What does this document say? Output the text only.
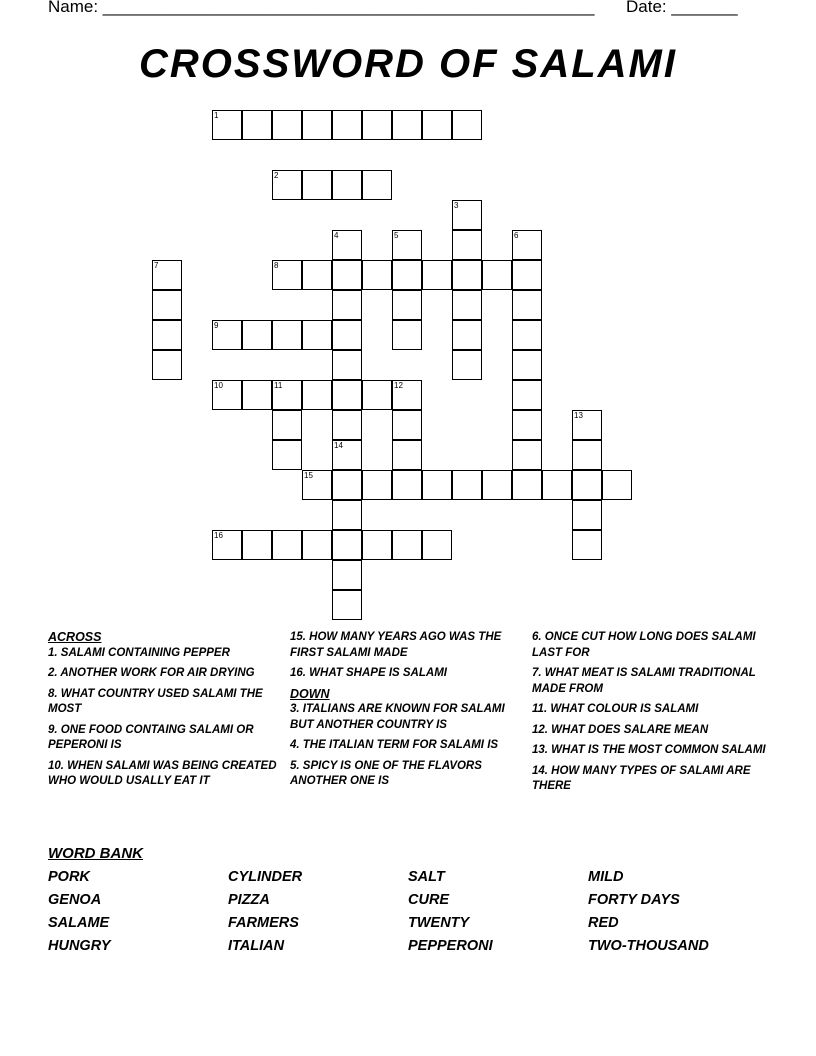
Name: ____________________________________________________ Date: _______
CROSSWORD OF SALAMI
1
2
3
4
14
5	6
7	8
9
10	11	12
13
15
16
ACROSS
1. SALAMI CONTAINING PEPPER
2. ANOTHER WORK FOR AIR DRYING
8. WHAT COUNTRY USED SALAMI THE MOST
9. ONE FOOD CONTAING SALAMI OR PEPERONI IS
10. WHEN SALAMI WAS BEING CREATED WHO WOULD USALLY EAT IT
15. HOW MANY YEARS AGO WAS THE FIRST SALAMI MADE
16. WHAT SHAPE IS SALAMI
DOWN
3. ITALIANS ARE KNOWN FOR SALAMI BUT ANOTHER COUNTRY IS
4. THE ITALIAN TERM FOR SALAMI IS
5. SPICY IS ONE OF THE FLAVORS ANOTHER ONE IS
6. ONCE CUT HOW LONG DOES SALAMI LAST FOR
7. WHAT MEAT IS SALAMI TRADITIONAL MADE FROM
11. WHAT COLOUR IS SALAMI
12. WHAT DOES SALARE MEAN
13. WHAT IS THE MOST COMMON SALAMI
14. HOW MANY TYPES OF SALAMI ARE THERE
WORD BANK
PORK	CYLINDER	SALT	MILD
GENOA	PIZZA	CURE	FORTY DAYS
SALAME	FARMERS	TWENTY	RED
HUNGRY	ITALIAN	PEPPERONI	TWO-THOUSAND
